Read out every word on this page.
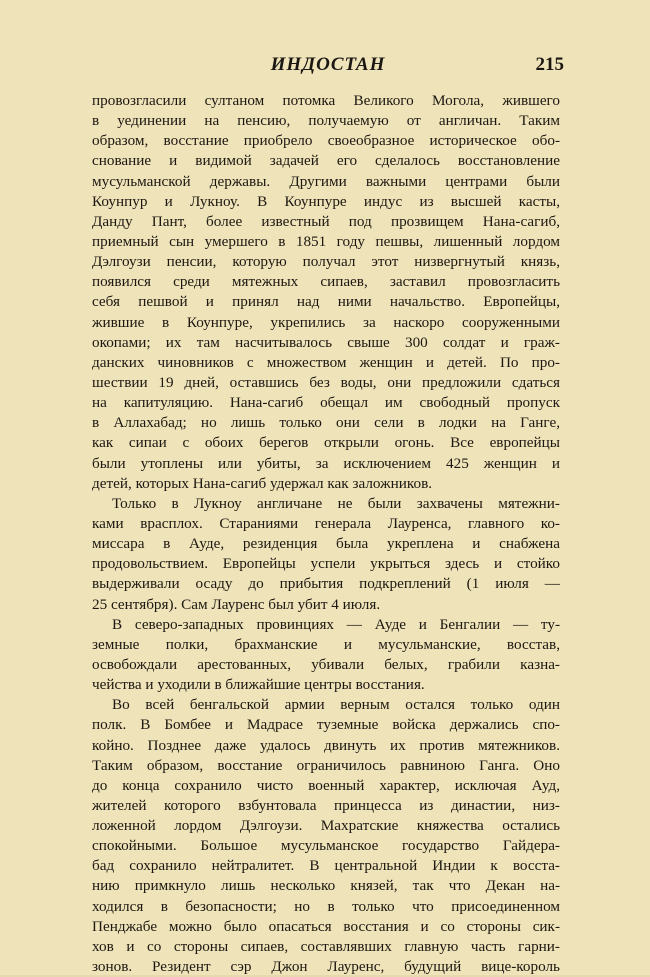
ИНДОСТАН	215
провозгласили султаном потомка Великого Могола, жившего
в уединении на пенсию, получаемую от англичан. Таким
образом, восстание приобрело своеобразное историческое обо-
снование и видимой задачей его сделалось восстановление
мусульманской державы. Другими важными центрами были
Коунпур и Лукноу. В Коунпуре индус из высшей касты,
Дандy Пант, более известный под прозвищем Нана-сагиб,
приемный сын умершего в 1851 году пешвы, лишенный лордом
Дэлгоузи пенсии, которую получал этот низвергнутый князь,
появился среди мятежных сипаев, заставил провозгласить
себя пешвой и принял над ними начальство. Европейцы,
жившие в Коунпуре, укрепились за наскоро сооруженными
окопами; их там насчитывалось свыше 300 солдат и граж-
данских чиновников с множеством женщин и детей. По про-
шествии 19 дней, оставшись без воды, они предложили сдаться
на капитуляцию. Нана-сагиб обещал им свободный пропуск
в Аллахабад; но лишь только они сели в лодки на Ганге,
как сипаи с обоих берегов открыли огонь. Все европейцы
были утоплены или убиты, за исключением 425 женщин и
детей, которых Нана-сагиб удержал как заложников.
Только в Лукноу англичане не были захвачены мятежни-
ками врасплох. Стараниями генерала Лауренса, главного ко-
миссара в Ауде, резиденция была укреплена и снабжена
продовольствием. Европейцы успели укрыться здесь и стойко
выдерживали осаду до прибытия подкреплений (1 июля —
25 сентября). Сам Лауренс был убит 4 июля.
В северо-западных провинциях — Ауде и Бенгалии — ту-
земные полки, брахманские и мусульманские, восстав,
освобождали арестованных, убивали белых, грабили казна-
чейства и уходили в ближайшие центры восстания.
Во всей бенгальской армии верным остался только один
полк. В Бомбее и Мадрасе туземные войска держались спо-
койно. Позднее даже удалось двинуть их против мятежников.
Таким образом, восстание ограничилось равниною Ганга. Оно
до конца сохранило чисто военный характер, исключая Ауд,
жителей которого взбунтовала принцесса из династии, низ-
ложенной лордом Дэлгоузи. Махратские княжества остались
спокойными. Большое мусульманское государство Гайдера-
бад сохранило нейтралитет. В центральной Индии к восста-
нию примкнуло лишь несколько князей, так что Декан на-
ходился в безопасности; но в только что присоединенном
Пенджабе можно было опасаться восстания и со стороны сик-
хов и со стороны сипаев, составлявших главную часть гарни-
зонов. Резидент сэр Джон Лауренс, будущий вице-король
